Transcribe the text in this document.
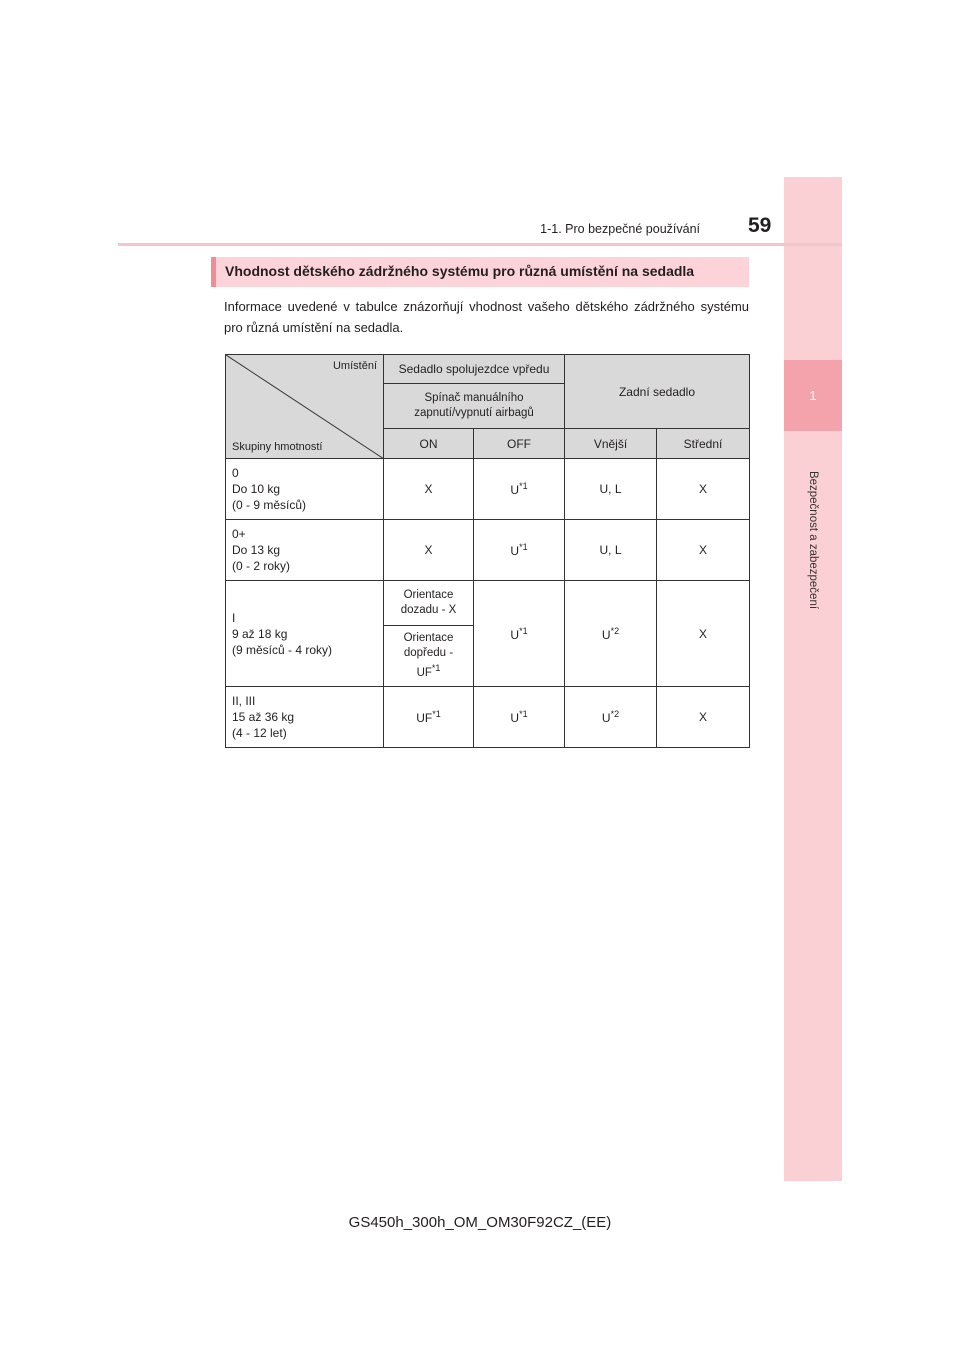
1
Bezpečnost a zabezpečení
1-1. Pro bezpečné používání 59
Vhodnost dětského zádržného systému pro různá umístění na sedadla

Informace uvedené v tabulce znázorňují vhodnost vašeho dětského zádržného systému pro různá umístění na sedadla.

Umístění
Skupiny hmotností	Sedadlo spolujezdce vpředu		Zadní sedadlo	

	Spínač manuálního zapnutí/vypnutí airbagů			

	ON	OFF	Vnější	Střední

0
Do 10 kg
(0 - 9 měsíců)	X	$U^{*1}$	U, L	X

0+
Do 13 kg
(0 - 2 roky)	X	$U^{*1}$	U, L	X

I
9 až 18 kg
(9 měsíců - 4 roky)	Orientace dozadu - X	$U^{*1}$	$U^{*2}$	X

	Orientace dopředu - UF$^{*1}$

II, III
15 až 36 kg
(4 - 12 let)	UF$^{*1}$	$U^{*1}$	$U^{*2}$	X
GS450h_300h_OM_OM30F92CZ_(EE)
